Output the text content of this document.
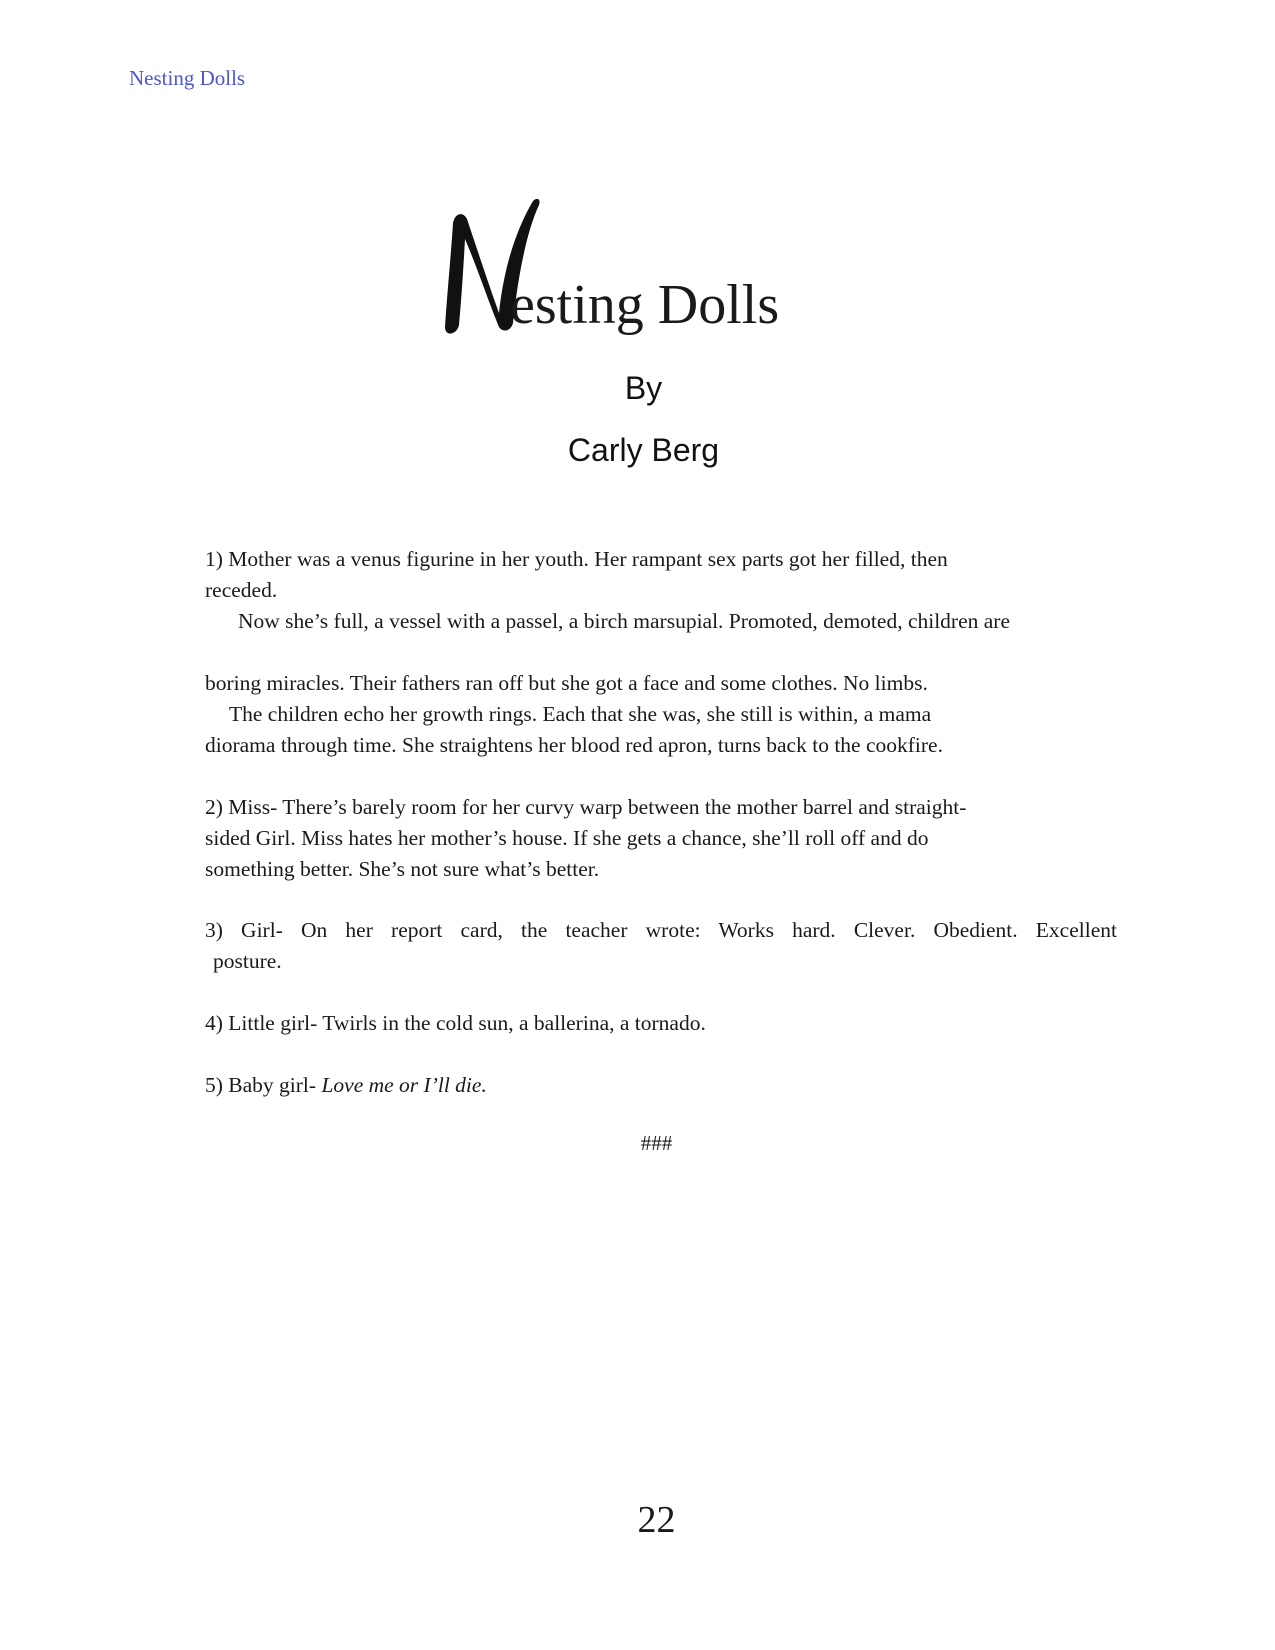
Nesting Dolls
esting Dolls
By
Carly Berg

1) Mother was a venus figurine in her youth. Her rampant sex parts got her filled, then

receded.

Now she’s full, a vessel with a passel, a birch marsupial. Promoted, demoted, children are

boring miracles. Their fathers ran off but she got a face and some clothes. No limbs.

The children echo her growth rings. Each that she was, she still is within, a mama

diorama through time. She straightens her blood red apron, turns back to the cookfire.

2) Miss- There’s barely room for her curvy warp between the mother barrel and straight-

sided Girl. Miss hates her mother’s house. If she gets a chance, she’ll roll off and do

something better. She’s not sure what’s better.

3) Girl- On her report card, the teacher wrote: Works hard. Clever. Obedient. Excellent

posture.

4) Little girl- Twirls in the cold sun, a ballerina, a tornado.

5) Baby girl- Love me or I’ll die.

###
22
